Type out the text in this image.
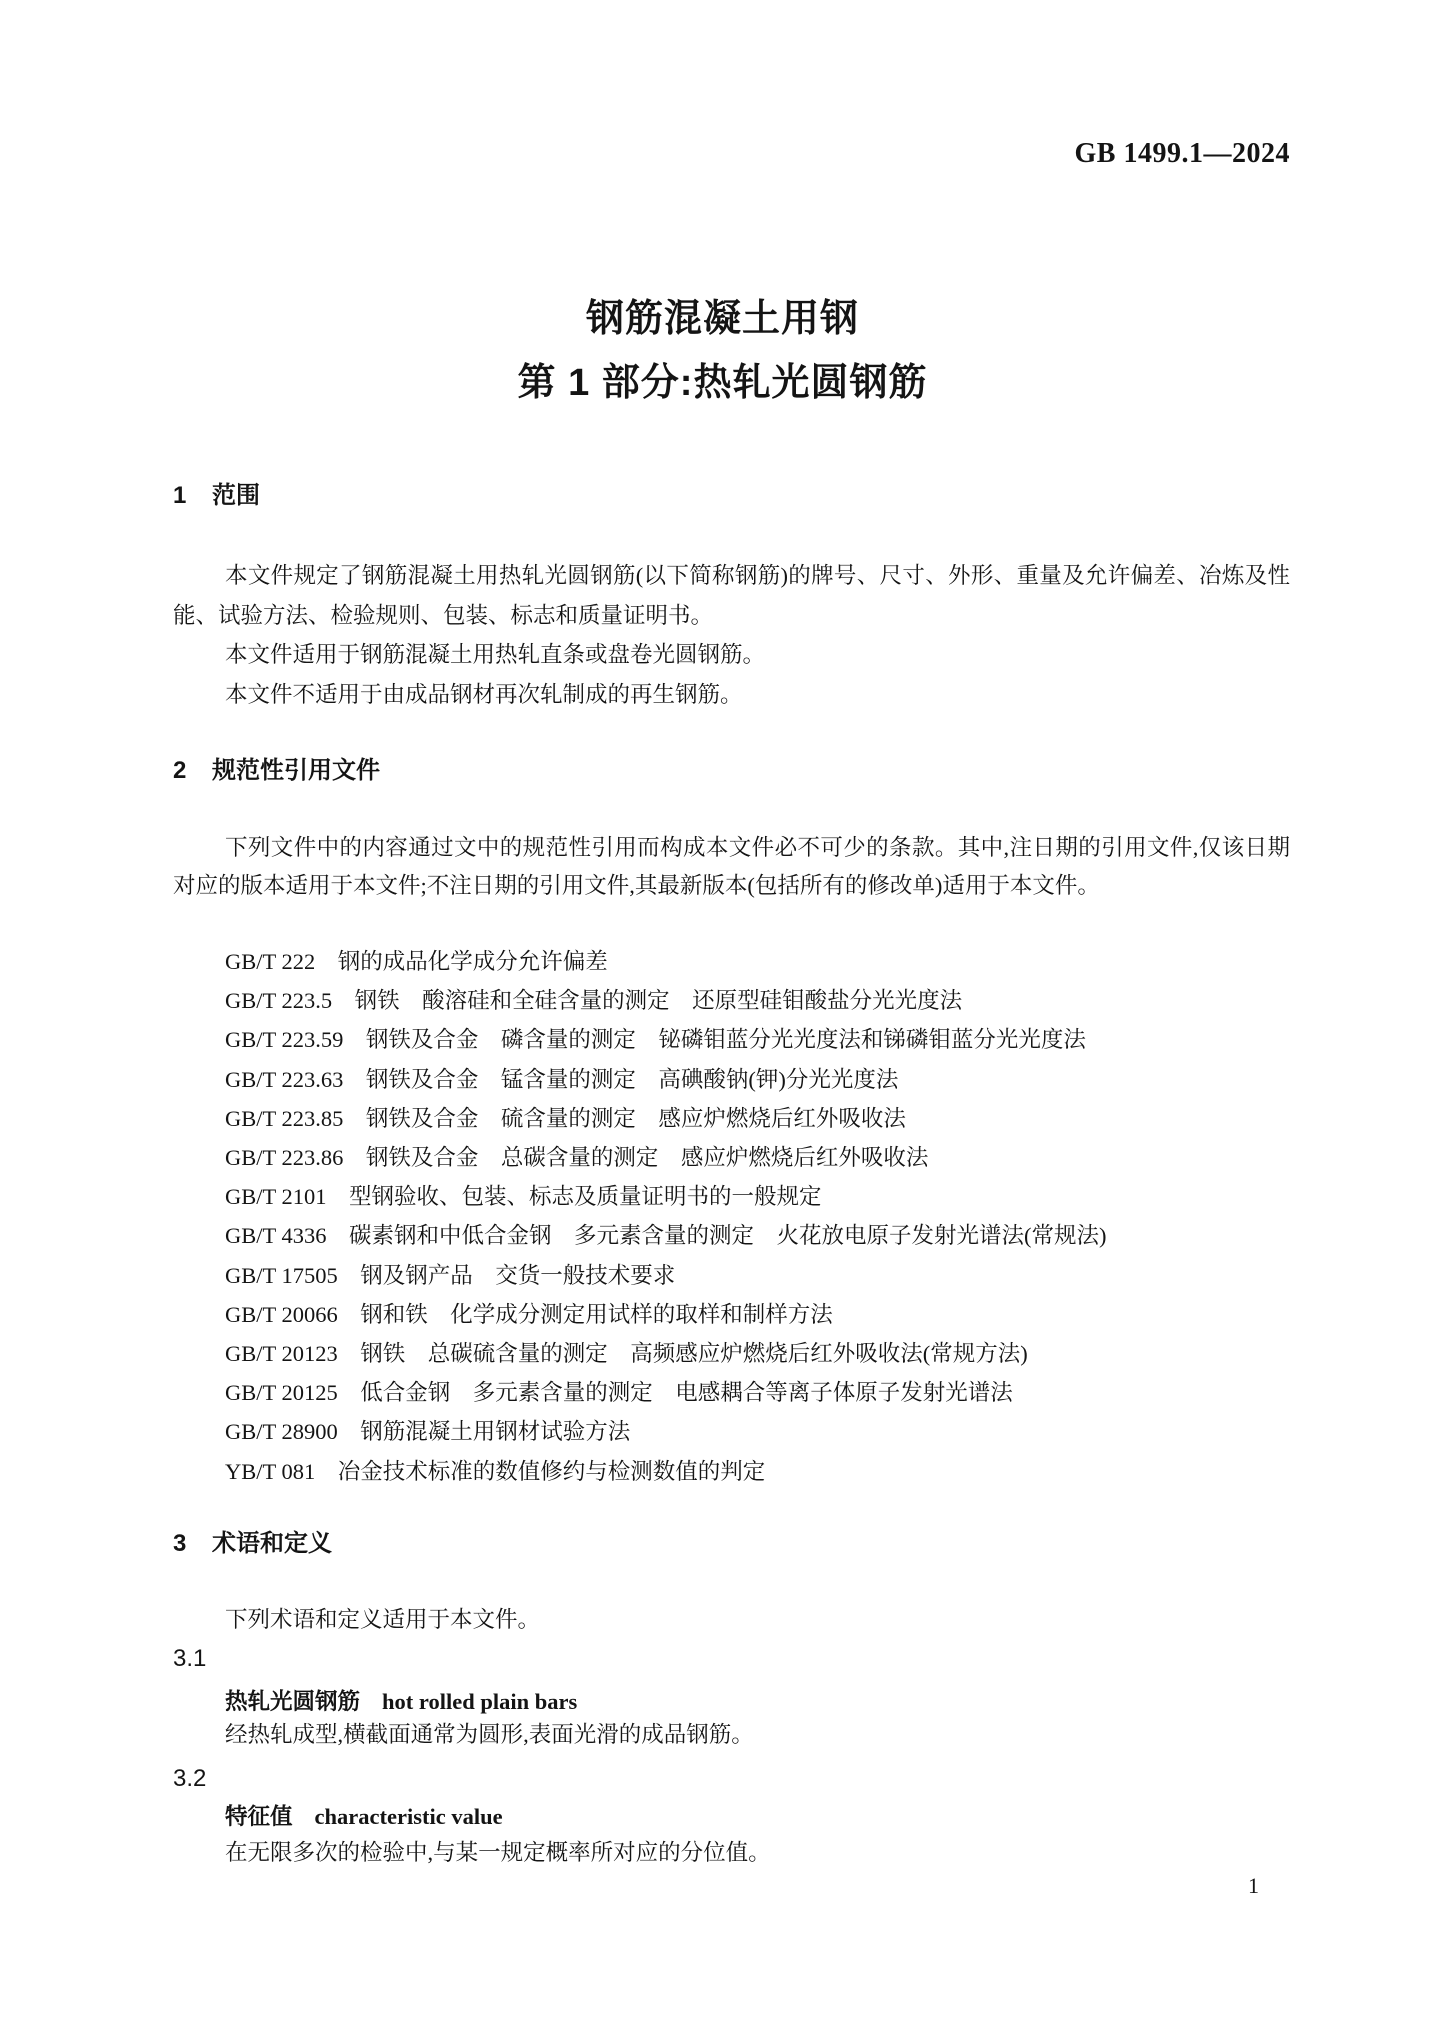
GB 1499.1—2024
钢筋混凝土用钢
第 1 部分:热轧光圆钢筋
1 范围

本文件规定了钢筋混凝土用热轧光圆钢筋(以下简称钢筋)的牌号、尺寸、外形、重量及允许偏差、冶炼及性能、试验方法、检验规则、包装、标志和质量证明书。

本文件适用于钢筋混凝土用热轧直条或盘卷光圆钢筋。

本文件不适用于由成品钢材再次轧制成的再生钢筋。

2 规范性引用文件

下列文件中的内容通过文中的规范性引用而构成本文件必不可少的条款。其中,注日期的引用文件,仅该日期对应的版本适用于本文件;不注日期的引用文件,其最新版本(包括所有的修改单)适用于本文件。

GB/T 222　钢的成品化学成分允许偏差
GB/T 223.5　钢铁　酸溶硅和全硅含量的测定　还原型硅钼酸盐分光光度法
GB/T 223.59　钢铁及合金　磷含量的测定　铋磷钼蓝分光光度法和锑磷钼蓝分光光度法
GB/T 223.63　钢铁及合金　锰含量的测定　高碘酸钠(钾)分光光度法
GB/T 223.85　钢铁及合金　硫含量的测定　感应炉燃烧后红外吸收法
GB/T 223.86　钢铁及合金　总碳含量的测定　感应炉燃烧后红外吸收法
GB/T 2101　型钢验收、包装、标志及质量证明书的一般规定
GB/T 4336　碳素钢和中低合金钢　多元素含量的测定　火花放电原子发射光谱法(常规法)
GB/T 17505　钢及钢产品　交货一般技术要求
GB/T 20066　钢和铁　化学成分测定用试样的取样和制样方法
GB/T 20123　钢铁　总碳硫含量的测定　高频感应炉燃烧后红外吸收法(常规方法)
GB/T 20125　低合金钢　多元素含量的测定　电感耦合等离子体原子发射光谱法
GB/T 28900　钢筋混凝土用钢材试验方法
YB/T 081　冶金技术标准的数值修约与检测数值的判定
3 术语和定义
下列术语和定义适用于本文件。
3.1
热轧光圆钢筋 hot rolled plain bars
经热轧成型,横截面通常为圆形,表面光滑的成品钢筋。
3.2
特征值 characteristic value
在无限多次的检验中,与某一规定概率所对应的分位值。
1
